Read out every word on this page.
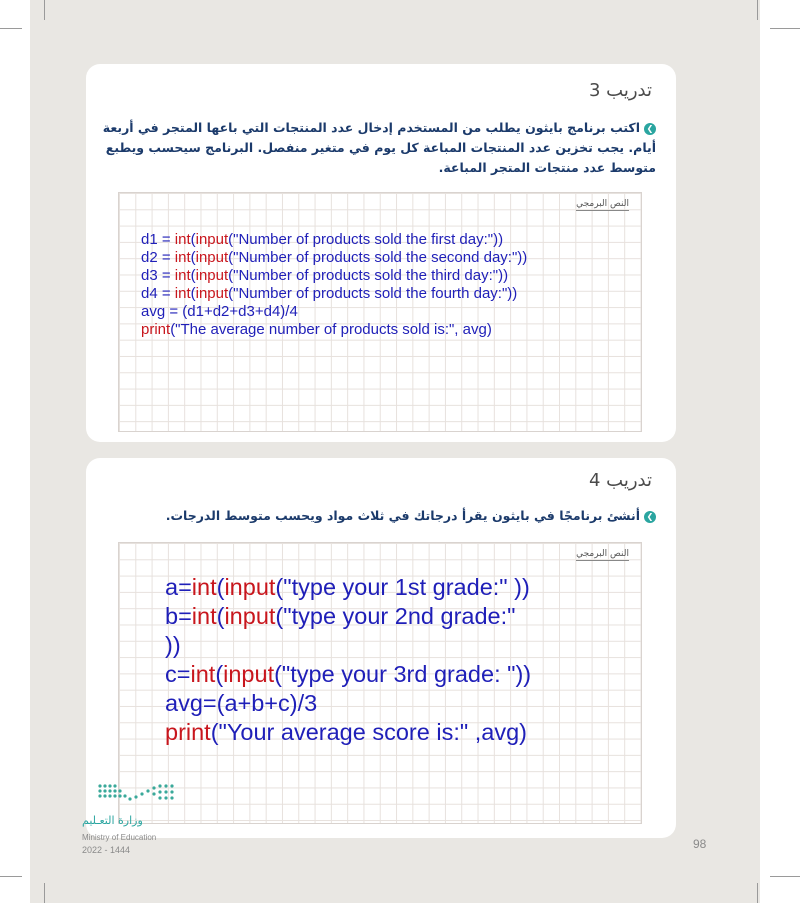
تدريب 3
❯اكتب برنامج بايثون يطلب من المستخدم إدخال عدد المنتجات التي باعها المتجر في أربعة
أيام. يجب تخزين عدد المنتجات المباعة كل يوم في متغير منفصل. البرنامج سيحسب ويطبع
متوسط عدد منتجات المتجر المباعة.
النص البرمجي
d1 = int(input("Number of products sold the first day:"))
d2 = int(input("Number of products sold the second day:"))
d3 = int(input("Number of products sold the third day:"))
d4 = int(input("Number of products sold the fourth day:"))
avg = (d1+d2+d3+d4)/4
print("The average number of products sold is:", avg)
تدريب 4
❯أنشئ برنامجًا في بايثون يقرأ درجاتك في ثلاث مواد ويحسب متوسط الدرجات.
النص البرمجي
a=int(input("type your 1st grade:" ))
b=int(input("type your 2nd grade:"
))
c=int(input("type your 3rd grade: "))
avg=(a+b+c)/3
print("Your average score is:" ,avg)
وزارة التعـليم
Ministry of Education
2022 - 1444	98
